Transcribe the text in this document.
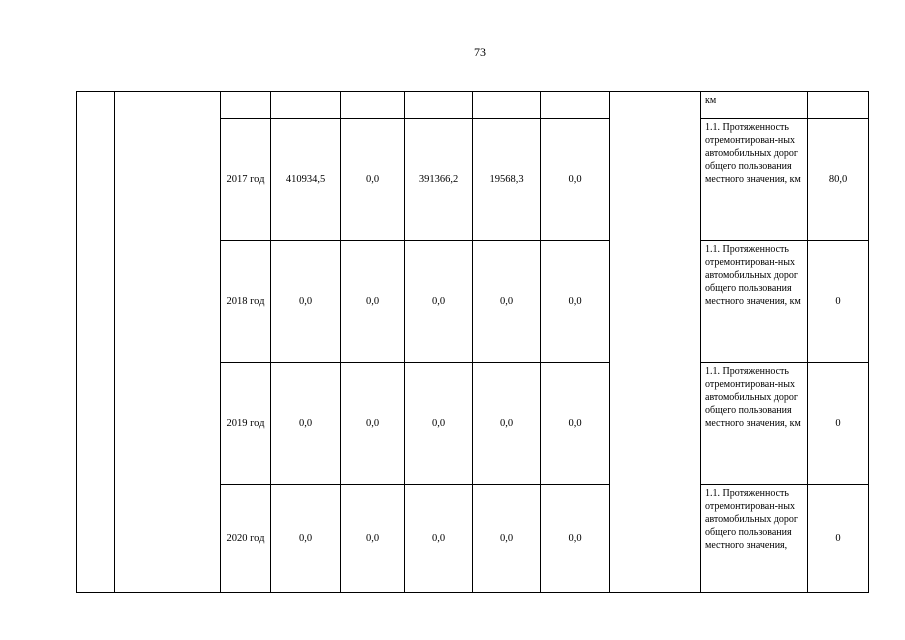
73
									км	
		2017 год	410934,5	0,0	391366,2	19568,3	0,0		1.1. Протяженность отремонтирован-ных автомобильных дорог общего пользования местного значения, км	80,0
		2018 год	0,0	0,0	0,0	0,0	0,0		1.1. Протяженность отремонтирован-ных автомобильных дорог общего пользования местного значения, км	0
		2019 год	0,0	0,0	0,0	0,0	0,0		1.1. Протяженность отремонтирован-ных автомобильных дорог общего пользования местного значения, км	0
		2020 год	0,0	0,0	0,0	0,0	0,0		1.1. Протяженность отремонтирован-ных автомобильных дорог общего пользования местного значения,	0
